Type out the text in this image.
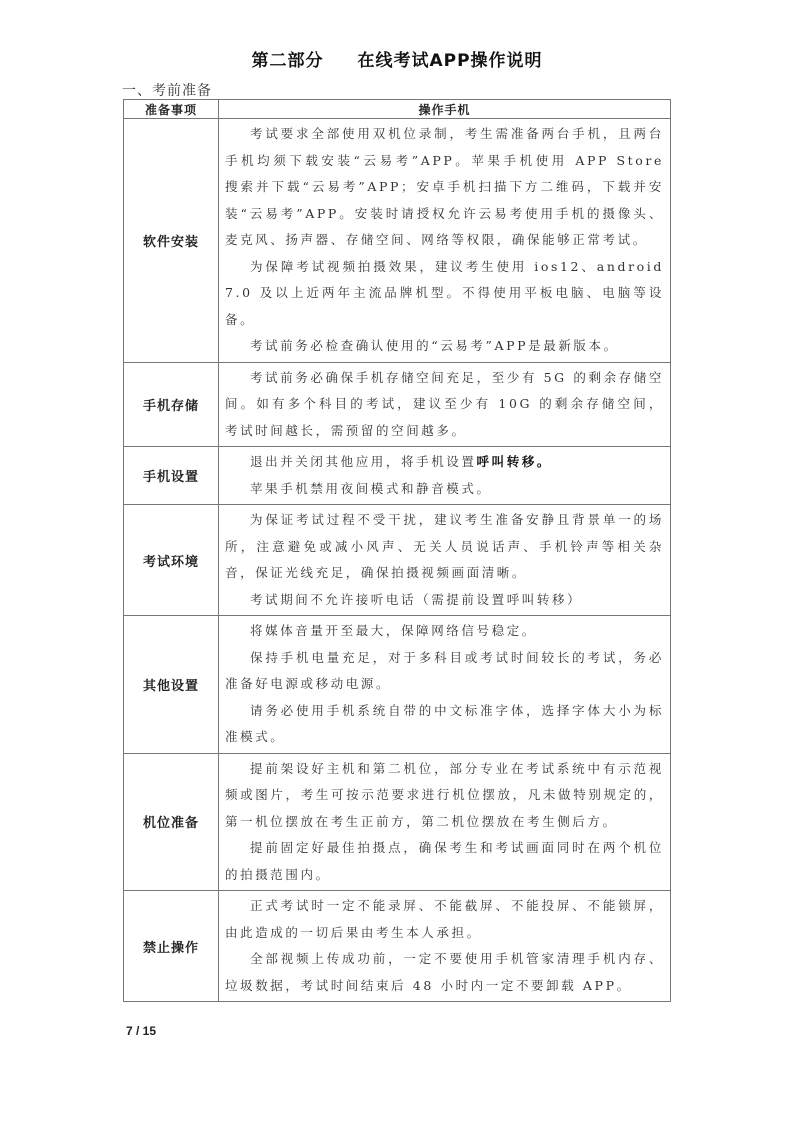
第二部分 在线考试APP操作说明
一、考前准备
准备事项	操作手机
软件安装	考试要求全部使用双机位录制，考生需准备两台手机，且两台手机均须下载安装“云易考”APP。苹果手机使用 APP Store 搜索并下载“云易考”APP；安卓手机扫描下方二维码，下载并安装“云易考”APP。安装时请授权允许云易考使用手机的摄像头、麦克风、扬声器、存储空间、网络等权限，确保能够正常考试。

为保障考试视频拍摄效果，建议考生使用 ios12、android 7.0 及以上近两年主流品牌机型。不得使用平板电脑、电脑等设备。

考试前务必检查确认使用的“云易考”APP是最新版本。

手机存储	考试前务必确保手机存储空间充足，至少有 5G 的剩余存储空间。如有多个科目的考试，建议至少有 10G 的剩余存储空间，考试时间越长，需预留的空间越多。

手机设置	退出并关闭其他应用，将手机设置呼叫转移。

苹果手机禁用夜间模式和静音模式。

考试环境	为保证考试过程不受干扰，建议考生准备安静且背景单一的场所，注意避免或减小风声、无关人员说话声、手机铃声等相关杂音，保证光线充足，确保拍摄视频画面清晰。

考试期间不允许接听电话（需提前设置呼叫转移）

其他设置	将媒体音量开至最大，保障网络信号稳定。

保持手机电量充足，对于多科目或考试时间较长的考试，务必准备好电源或移动电源。

请务必使用手机系统自带的中文标准字体，选择字体大小为标准模式。

机位准备	提前架设好主机和第二机位，部分专业在考试系统中有示范视频或图片，考生可按示范要求进行机位摆放，凡未做特别规定的，第一机位摆放在考生正前方，第二机位摆放在考生侧后方。

提前固定好最佳拍摄点，确保考生和考试画面同时在两个机位的拍摄范围内。

禁止操作	正式考试时一定不能录屏、不能截屏、不能投屏、不能锁屏，由此造成的一切后果由考生本人承担。

全部视频上传成功前，一定不要使用手机管家清理手机内存、垃圾数据，考试时间结束后 48 小时内一定不要卸载 APP。

7 / 15
